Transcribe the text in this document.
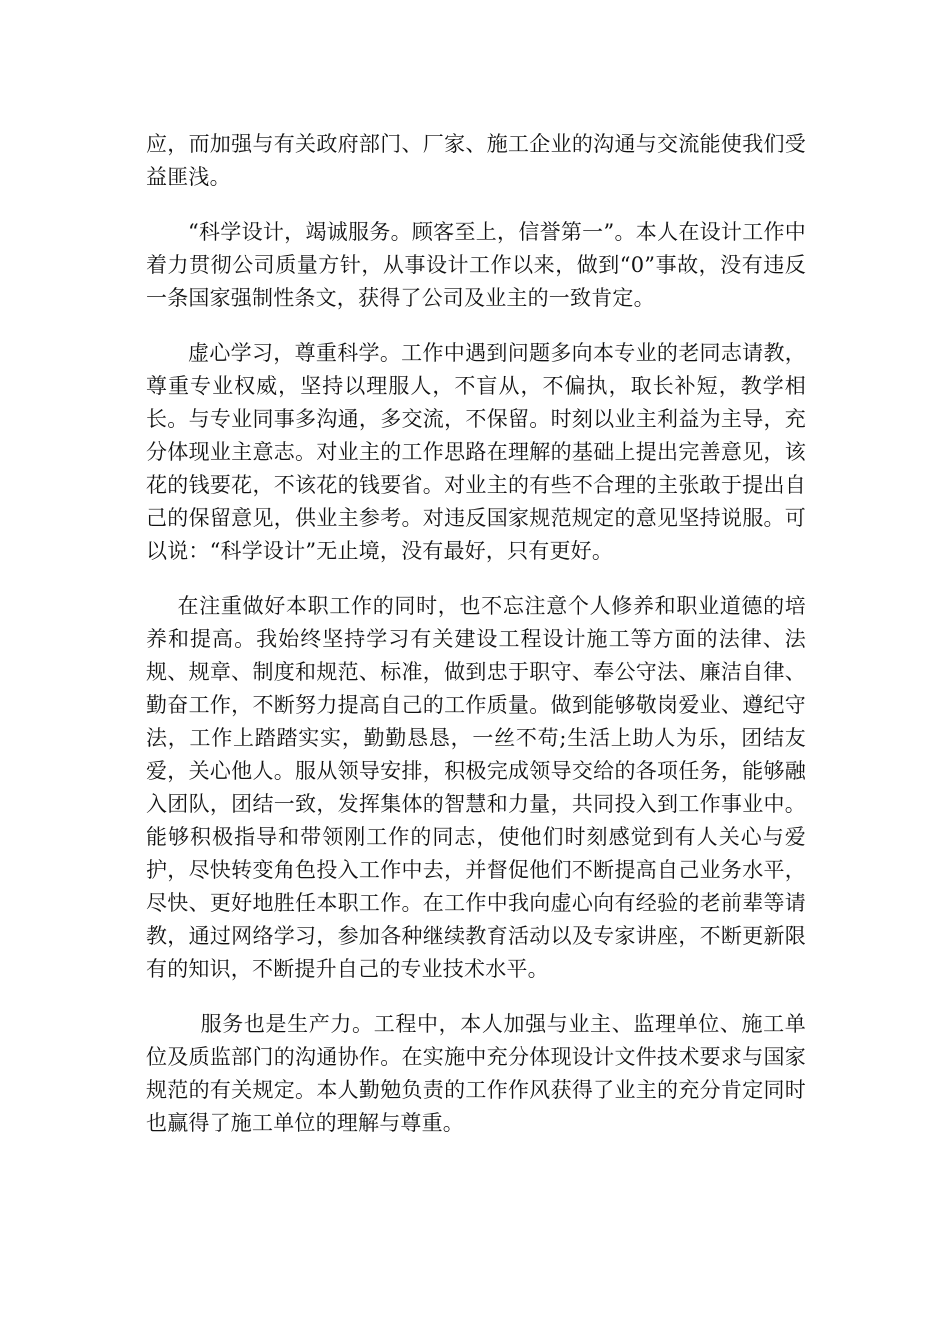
应，而加强与有关政府部门、厂家、施工企业的沟通与交流能使我们受益匪浅。

“科学设计，竭诚服务。顾客至上，信誉第一”。本人在设计工作中着力贯彻公司质量方针，从事设计工作以来，做到“0”事故，没有违反一条国家强制性条文，获得了公司及业主的一致肯定。

虚心学习，尊重科学。工作中遇到问题多向本专业的老同志请教，尊重专业权威，坚持以理服人，不盲从，不偏执，取长补短，教学相长。与专业同事多沟通，多交流，不保留。时刻以业主利益为主导，充分体现业主意志。对业主的工作思路在理解的基础上提出完善意见，该花的钱要花，不该花的钱要省。对业主的有些不合理的主张敢于提出自己的保留意见，供业主参考。对违反国家规范规定的意见坚持说服。可以说：“科学设计”无止境，没有最好，只有更好。

在注重做好本职工作的同时，也不忘注意个人修养和职业道德的培养和提高。我始终坚持学习有关建设工程设计施工等方面的法律、法规、规章、制度和规范、标准，做到忠于职守、奉公守法、廉洁自律、勤奋工作，不断努力提高自己的工作质量。做到能够敬岗爱业、遵纪守法，工作上踏踏实实，勤勤恳恳，一丝不苟;生活上助人为乐，团结友爱，关心他人。服从领导安排，积极完成领导交给的各项任务，能够融入团队，团结一致，发挥集体的智慧和力量，共同投入到工作事业中。能够积极指导和带领刚工作的同志，使他们时刻感觉到有人关心与爱护，尽快转变角色投入工作中去，并督促他们不断提高自己业务水平，尽快、更好地胜任本职工作。在工作中我向虚心向有经验的老前辈等请教，通过网络学习，参加各种继续教育活动以及专家讲座，不断更新限有的知识，不断提升自己的专业技术水平。

服务也是生产力。工程中，本人加强与业主、监理单位、施工单位及质监部门的沟通协作。在实施中充分体现设计文件技术要求与国家规范的有关规定。本人勤勉负责的工作作风获得了业主的充分肯定同时也赢得了施工单位的理解与尊重。
